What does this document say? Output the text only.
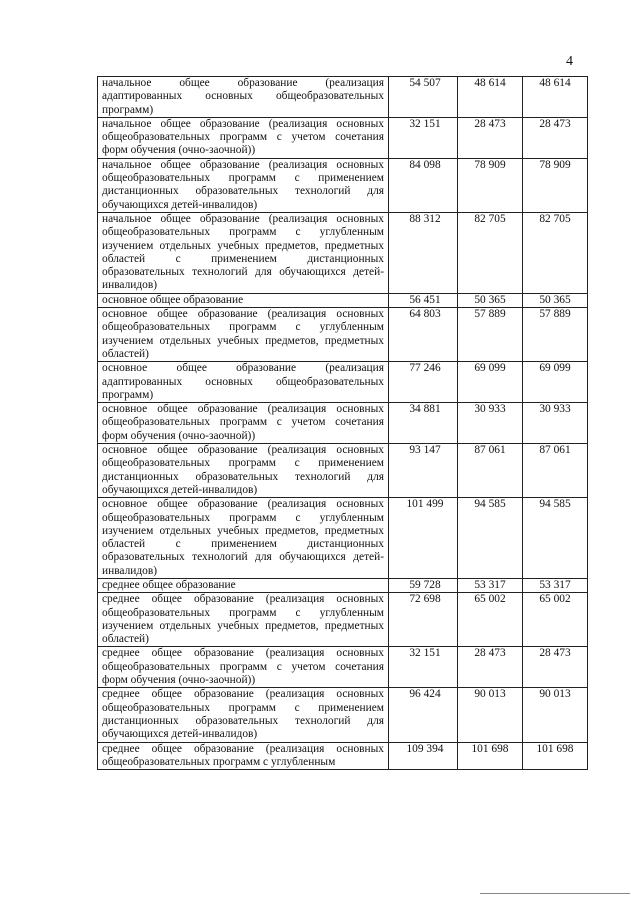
4
начальное общее образование (реализация адаптированных основных общеобразовательных программ)	54 507	48 614	48 614
начальное общее образование (реализация основных общеобразовательных программ с учетом сочетания форм обучения (очно-заочной))	32 151	28 473	28 473
начальное общее образование (реализация основных общеобразовательных программ с применением дистанционных образовательных технологий для обучающихся детей-инвалидов)	84 098	78 909	78 909
начальное общее образование (реализация основных общеобразовательных программ с углубленным изучением отдельных учебных предметов, предметных областей с применением дистанционных образовательных технологий для обучающихся детей-инвалидов)	88 312	82 705	82 705
основное общее образование	56 451	50 365	50 365
основное общее образование (реализация основных общеобразовательных программ с углубленным изучением отдельных учебных предметов, предметных областей)	64 803	57 889	57 889
основное общее образование (реализация адаптированных основных общеобразовательных программ)	77 246	69 099	69 099
основное общее образование (реализация основных общеобразовательных программ с учетом сочетания форм обучения (очно-заочной))	34 881	30 933	30 933
основное общее образование (реализация основных общеобразовательных программ с применением дистанционных образовательных технологий для обучающихся детей-инвалидов)	93 147	87 061	87 061
основное общее образование (реализация основных общеобразовательных программ с углубленным изучением отдельных учебных предметов, предметных областей с применением дистанционных образовательных технологий для обучающихся детей-инвалидов)	101 499	94 585	94 585
среднее общее образование	59 728	53 317	53 317
среднее общее образование (реализация основных общеобразовательных программ с углубленным изучением отдельных учебных предметов, предметных областей)	72 698	65 002	65 002
среднее общее образование (реализация основных общеобразовательных программ с учетом сочетания форм обучения (очно-заочной))	32 151	28 473	28 473
среднее общее образование (реализация основных общеобразовательных программ с применением дистанционных образовательных технологий для обучающихся детей-инвалидов)	96 424	90 013	90 013
среднее общее образование (реализация основных общеобразовательных программ с углубленным	109 394	101 698	101 698
